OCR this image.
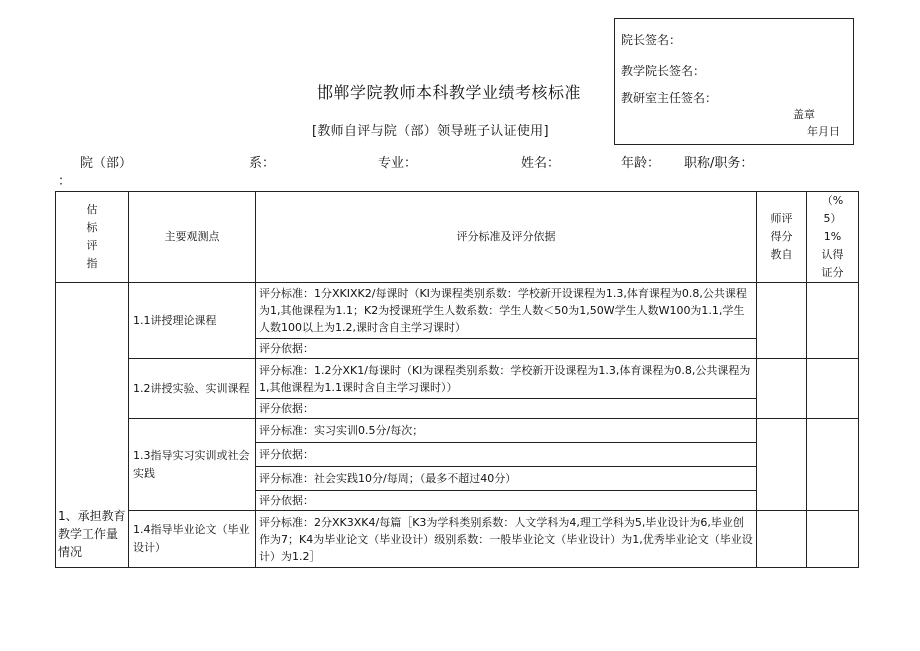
院长签名：
教学院长签名：
教研室主任签名：
盖章
年月日
邯郸学院教师本科教学业绩考核标准
[教师自评与院（部）领导班子认证使用]
院（部）
：
系：	专业：	姓名：	年龄： 职称/职务：
估标评指	主要观测点	评分标准及评分依据	师评得分教自	（%5）1%认得证分

1、承担教育教学工作量情况	1.1讲授理论课程	评分标准：1分XKIXK2/每课时（KI为课程类别系数：学校新开设课程为1.3,体育课程为0.8,公共课程为1,其他课程为1.1；K2为授课班学生人数系数：学生人数＜50为1,50W学生人数W100为1.1,学生人数100以上为1.2,课时含自主学习课时）		
		评分依据：		
	1.2讲授实验、实训课程	评分标准：1.2分XK1/每课时（KI为课程类别系数：学校新开设课程为1.3,体育课程为0.8,公共课程为1,其他课程为1.1课时含自主学习课时））		
		评分依据：		
	1.3指导实习实训或社会实践	评分标准：实习实训0.5分/每次；		
		评分依据：		
		评分标准：社会实践10分/每周；（最多不超过40分）		
		评分依据：		
	1.4指导毕业论文（毕业设计）	评分标准：2分XK3XK4/每篇［K3为学科类别系数：人文学科为4,理工学科为5,毕业设计为6,毕业创作为7；K4为毕业论文（毕业设计）级别系数：一般毕业论文（毕业设计）为1,优秀毕业论文（毕业设计）为1.2］		
